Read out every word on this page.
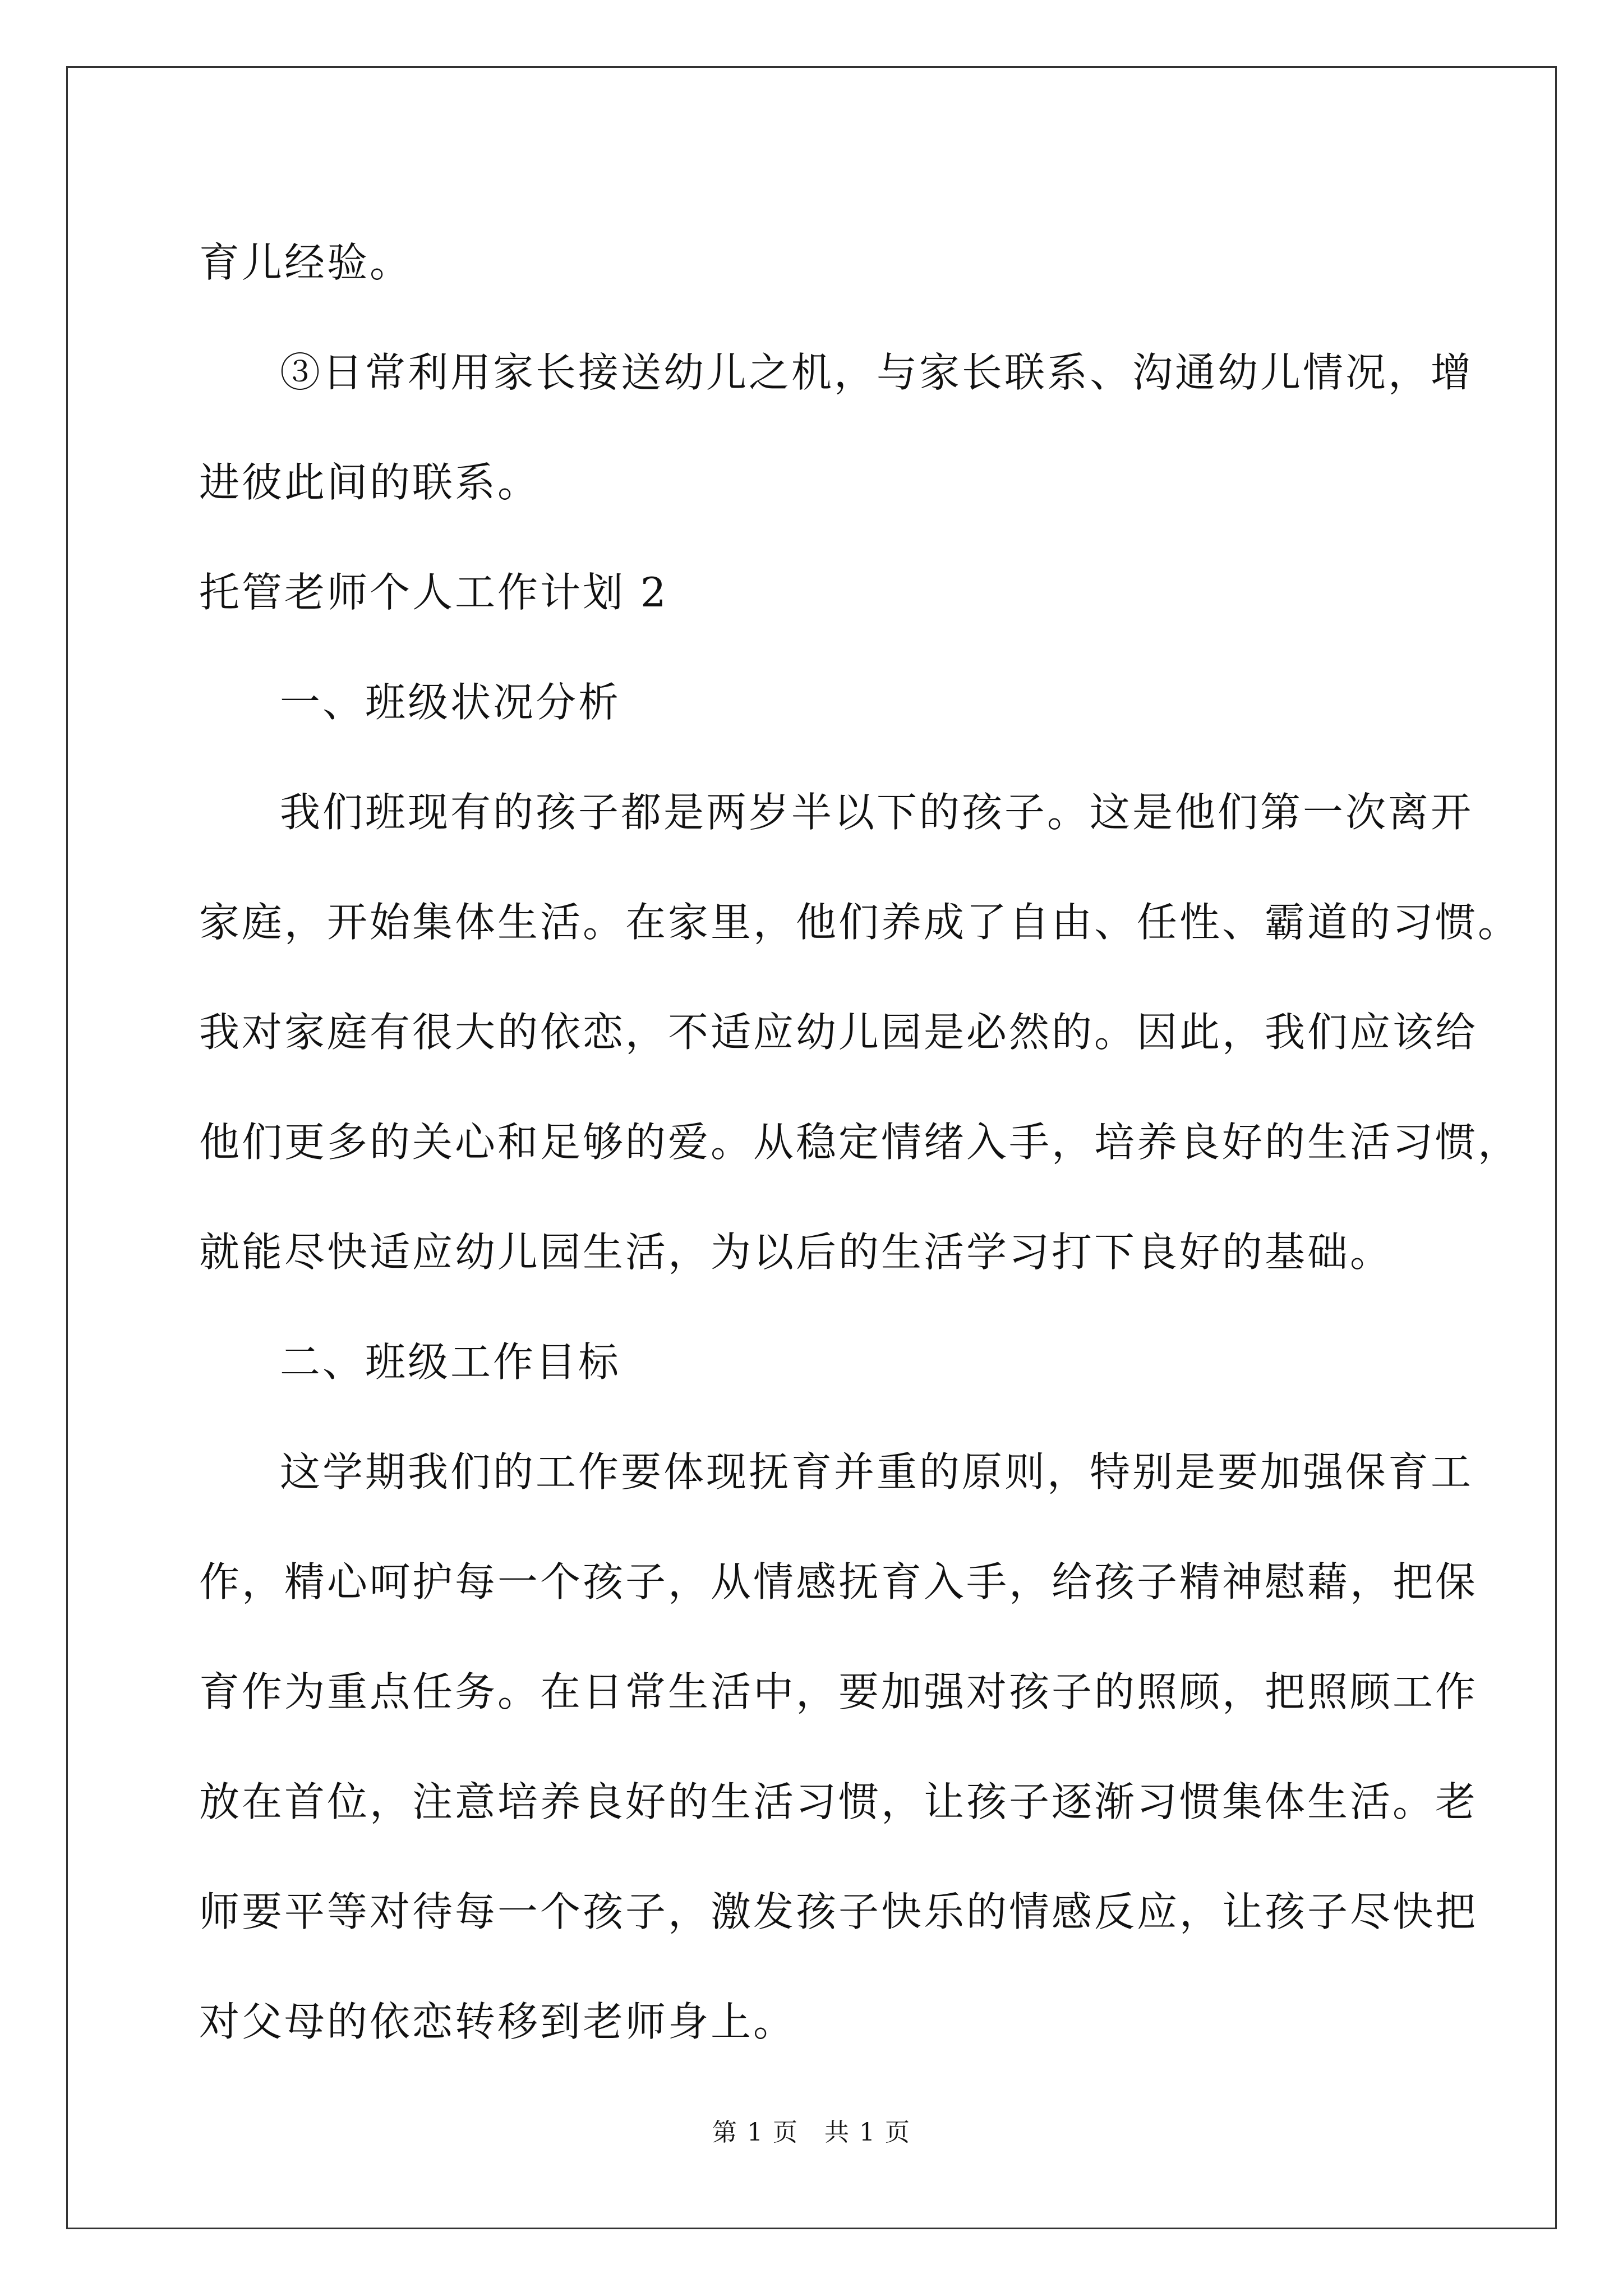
育儿经验。
③日常利用家长接送幼儿之机，与家长联系、沟通幼儿情况，增
进彼此间的联系。
托管老师个人工作计划 2
一、班级状况分析
我们班现有的孩子都是两岁半以下的孩子。这是他们第一次离开
家庭，开始集体生活。在家里，他们养成了自由、任性、霸道的习惯。
我对家庭有很大的依恋，不适应幼儿园是必然的。因此，我们应该给
他们更多的关心和足够的爱。从稳定情绪入手，培养良好的生活习惯，
就能尽快适应幼儿园生活，为以后的生活学习打下良好的基础。
二、班级工作目标
这学期我们的工作要体现抚育并重的原则，特别是要加强保育工
作，精心呵护每一个孩子，从情感抚育入手，给孩子精神慰藉，把保
育作为重点任务。在日常生活中，要加强对孩子的照顾，把照顾工作
放在首位，注意培养良好的生活习惯，让孩子逐渐习惯集体生活。老
师要平等对待每一个孩子，激发孩子快乐的情感反应，让孩子尽快把
对父母的依恋转移到老师身上。
第 1 页　共 1 页
